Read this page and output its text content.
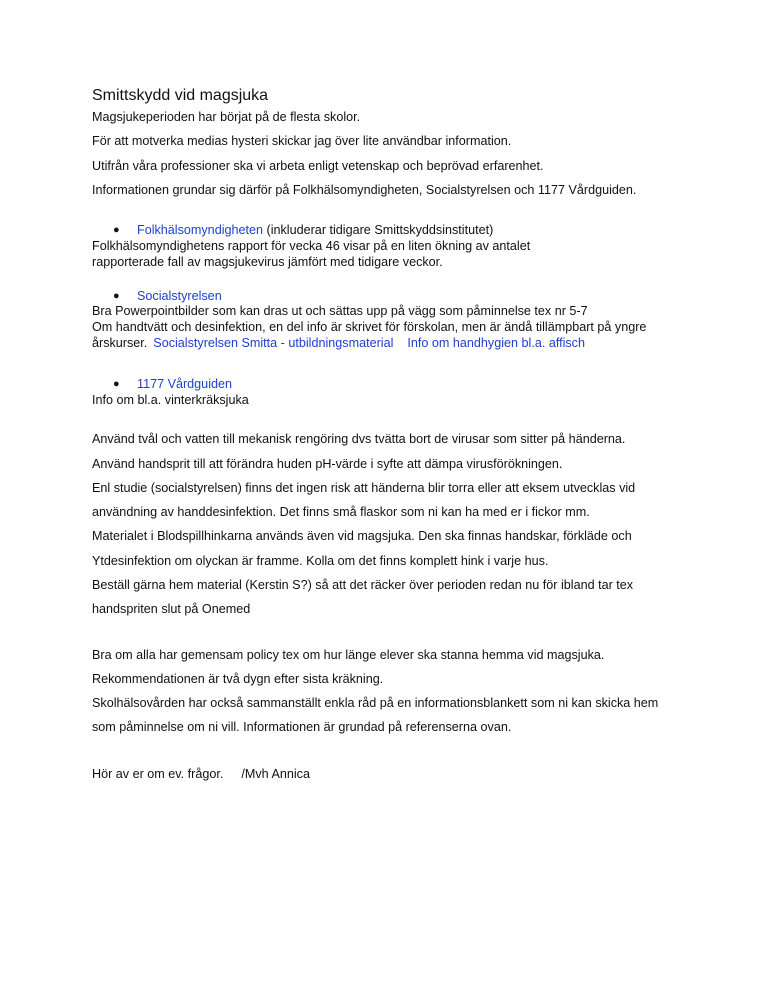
Smittskydd vid magsjuka
Magsjukeperioden har börjat på de flesta skolor.
För att motverka medias hysteri skickar jag över lite användbar information.
Utifrån våra professioner ska vi arbeta enligt vetenskap och beprövad erfarenhet.
Informationen grundar sig därför på Folkhälsomyndigheten, Socialstyrelsen och 1177 Vårdguiden.
● Folkhälsomyndigheten (inkluderar tidigare Smittskyddsinstitutet)
Folkhälsomyndighetens rapport för vecka 46 visar på en liten ökning av antalet
rapporterade fall av magsjukevirus jämfört med tidigare veckor.
● Socialstyrelsen
Bra Powerpointbilder som kan dras ut och sättas upp på vägg som påminnelse tex nr 5-7
Om handtvätt och desinfektion, en del info är skrivet för förskolan, men är ändå tillämpbart på yngre
årskurser. Socialstyrelsen Smitta - utbildningsmaterial Info om handhygien bl.a. affisch
● 1177 Vårdguiden
Info om bl.a. vinterkräksjuka
Använd tvål och vatten till mekanisk rengöring dvs tvätta bort de virusar som sitter på händerna.
Använd handsprit till att förändra huden pH-värde i syfte att dämpa virusförökningen.
Enl studie (socialstyrelsen) finns det ingen risk att händerna blir torra eller att eksem utvecklas vid
användning av handdesinfektion. Det finns små flaskor som ni kan ha med er i fickor mm.
Materialet i Blodspillhinkarna används även vid magsjuka. Den ska finnas handskar, förkläde och
Ytdesinfektion om olyckan är framme. Kolla om det finns komplett hink i varje hus.
Beställ gärna hem material (Kerstin S?) så att det räcker över perioden redan nu för ibland tar tex
handspriten slut på Onemed
Bra om alla har gemensam policy tex om hur länge elever ska stanna hemma vid magsjuka.
Rekommendationen är två dygn efter sista kräkning.
Skolhälsovården har också sammanställt enkla råd på en informationsblankett som ni kan skicka hem
som påminnelse om ni vill. Informationen är grundad på referenserna ovan.
Hör av er om ev. frågor. /Mvh Annica
